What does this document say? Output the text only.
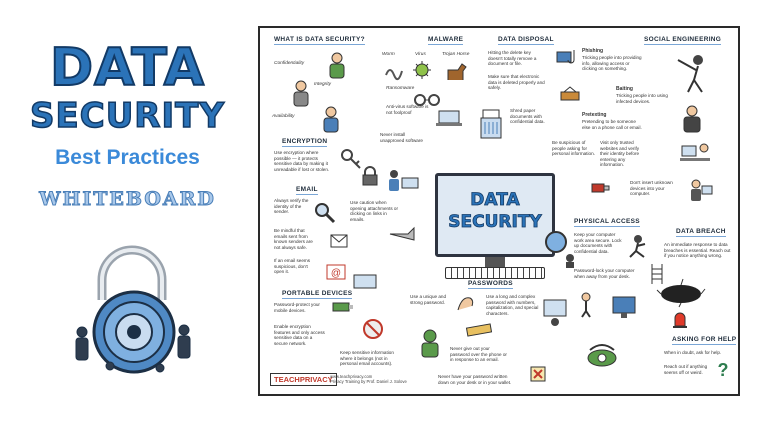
DATA
SECURITY
Best Practices
WHITEBOARD
WHAT IS DATA SECURITY?
Confidentiality
Integrity
Availability
MALWARE
Worm	Virus	Trojan Horse
Ransomware
Anti-virus software is not foolproof
Never install unapproved software
DATA DISPOSAL
Hitting the delete key doesn't totally remove a document or file.
Make sure that electronic data is deleted properly and safely.
Shred paper documents with confidential data.
SOCIAL ENGINEERING
Phishing
Tricking people into providing info, allowing access or clicking on something.
Baiting
Tricking people into using infected devices.
Pretexting
Pretending to be someone else on a phone call or email.
Be suspicious of people asking for personal information.
Visit only trusted websites and verify their identity before entering any information.
Don't insert unknown devices into your computer.
ENCRYPTION
Use encryption where possible — it protects sensitive data by making it unreadable if lost or stolen.
EMAIL
Always verify the identity of the sender.
Use caution when opening attachments or clicking on links in emails.
Be mindful that emails sent from known senders are not always safe.
If an email seems suspicious, don't open it.	@
PORTABLE DEVICES
Password-protect your mobile devices.
Enable encryption features and only access sensitive data on a secure network.
Keep sensitive information where it belongs (not in personal email accounts).
DATA
SECURITY
PASSWORDS
Use a unique and strong password.
Use a long and complex password with numbers, capitalization, and special characters.
Never give out your password over the phone or in response to an email.
Never have your password written down on your desk or in your wallet.
PHYSICAL ACCESS
Keep your computer work area secure. Lock up documents with confidential data.
Password-lock your computer when away from your desk.
DATA BREACH
An immediate response to data breaches is essential. Reach out if you notice anything wrong.
ASKING FOR HELP
When in doubt, ask for help.
Reach out if anything seems off or weird. ?
TEACHPRIVACY
www.teachprivacy.com
Privacy Training by Prof. Daniel J. Solove
